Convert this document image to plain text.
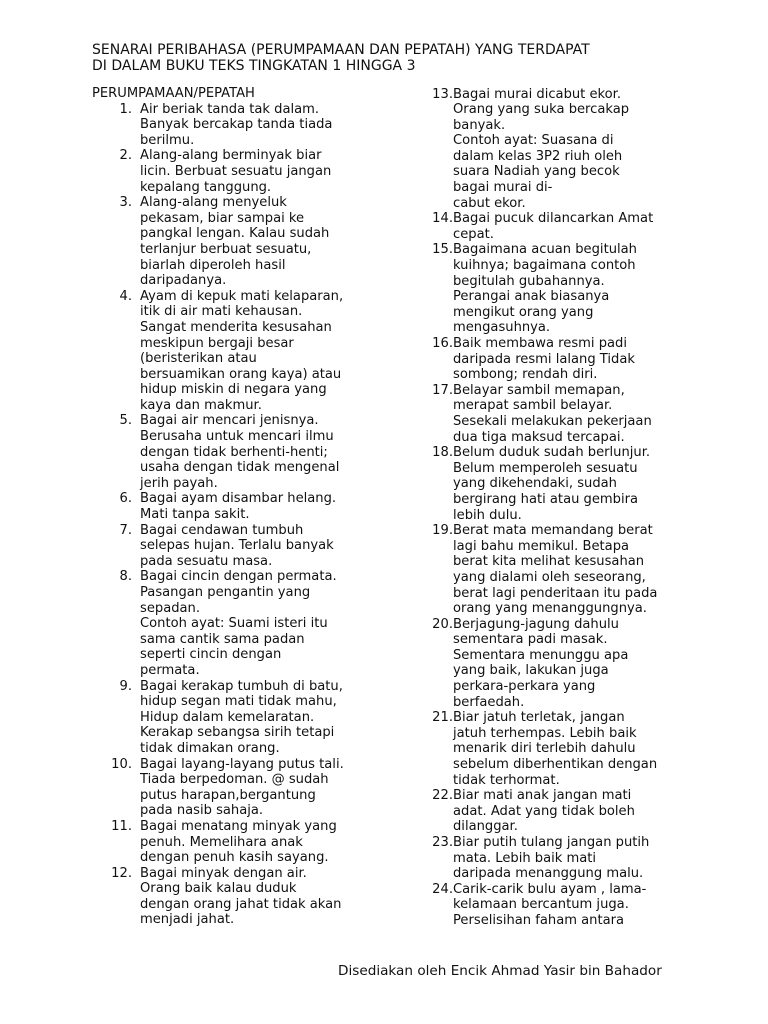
SENARAI PERIBAHASA (PERUMPAMAAN DAN PEPATAH) YANG TERDAPAT
DI DALAM BUKU TEKS TINGKATAN 1 HINGGA 3
PERUMPAMAAN/PEPATAH
1. Air beriak tanda tak dalam.
Banyak bercakap tanda tiada
berilmu.
2. Alang-alang berminyak biar
licin. Berbuat sesuatu jangan
kepalang tanggung.
3. Alang-alang menyeluk
pekasam, biar sampai ke
pangkal lengan. Kalau sudah
terlanjur berbuat sesuatu,
biarlah diperoleh hasil
daripadanya.
4. Ayam di kepuk mati kelaparan,
itik di air mati kehausan.
Sangat menderita kesusahan
meskipun bergaji besar
(beristerikan atau
bersuamikan orang kaya) atau
hidup miskin di negara yang
kaya dan makmur.
5. Bagai air mencari jenisnya.
Berusaha untuk mencari ilmu
dengan tidak berhenti-henti;
usaha dengan tidak mengenal
jerih payah.
6. Bagai ayam disambar helang.
Mati tanpa sakit.
7. Bagai cendawan tumbuh
selepas hujan. Terlalu banyak
pada sesuatu masa.
8. Bagai cincin dengan permata.
Pasangan pengantin yang
sepadan.
Contoh ayat: Suami isteri itu
sama cantik sama padan
seperti cincin dengan
permata.
9. Bagai kerakap tumbuh di batu,
hidup segan mati tidak mahu,
Hidup dalam kemelaratan.
Kerakap sebangsa sirih tetapi
tidak dimakan orang.
10. Bagai layang-layang putus tali.
Tiada berpedoman. @ sudah
putus harapan,bergantung
pada nasib sahaja.
11. Bagai menatang minyak yang
penuh. Memelihara anak
dengan penuh kasih sayang.
12. Bagai minyak dengan air.
Orang baik kalau duduk
dengan orang jahat tidak akan
menjadi jahat.
13. Bagai murai dicabut ekor.
Orang yang suka bercakap
banyak.
Contoh ayat: Suasana di
dalam kelas 3P2 riuh oleh
suara Nadiah yang becok
bagai murai di-
cabut ekor.
14. Bagai pucuk dilancarkan Amat
cepat.
15. Bagaimana acuan begitulah
kuihnya; bagaimana contoh
begitulah gubahannya.
Perangai anak biasanya
mengikut orang yang
mengasuhnya.
16. Baik membawa resmi padi
daripada resmi lalang Tidak
sombong; rendah diri.
17. Belayar sambil memapan,
merapat sambil belayar.
Sesekali melakukan pekerjaan
dua tiga maksud tercapai.
18. Belum duduk sudah berlunjur.
Belum memperoleh sesuatu
yang dikehendaki, sudah
bergirang hati atau gembira
lebih dulu.
19. Berat mata memandang berat
lagi bahu memikul. Betapa
berat kita melihat kesusahan
yang dialami oleh seseorang,
berat lagi penderitaan itu pada
orang yang menanggungnya.
20. Berjagung-jagung dahulu
sementara padi masak.
Sementara menunggu apa
yang baik, lakukan juga
perkara-perkara yang
berfaedah.
21. Biar jatuh terletak, jangan
jatuh terhempas. Lebih baik
menarik diri terlebih dahulu
sebelum diberhentikan dengan
tidak terhormat.
22. Biar mati anak jangan mati
adat. Adat yang tidak boleh
dilanggar.
23. Biar putih tulang jangan putih
mata. Lebih baik mati
daripada menanggung malu.
24. Carik-carik bulu ayam , lama-
kelamaan bercantum juga.
Perselisihan faham antara
Disediakan oleh Encik Ahmad Yasir bin Bahador
